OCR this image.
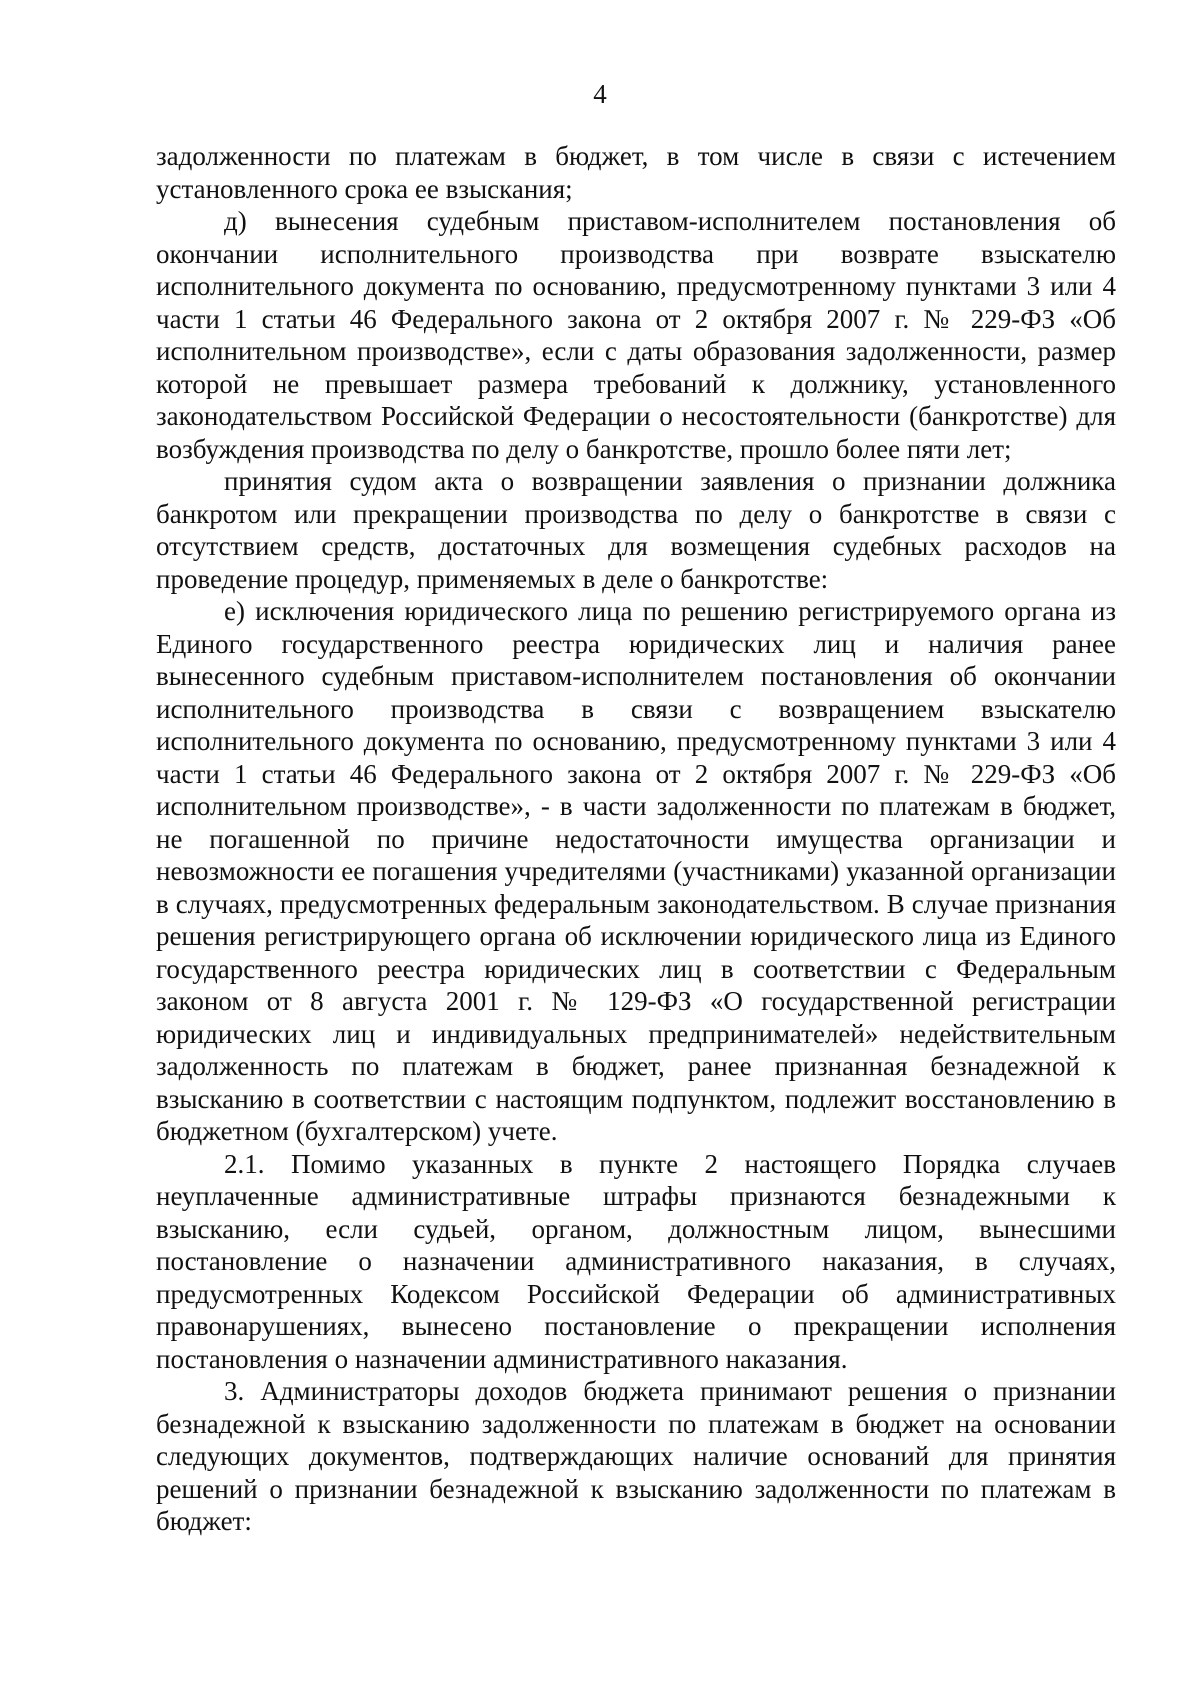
4

задолженности по платежам в бюджет, в том числе в связи с истечением установленного срока ее взыскания;

д) вынесения судебным приставом-исполнителем постановления об окончании исполнительного производства при возврате взыскателю исполнительного документа по основанию, предусмотренному пунктами 3 или 4 части 1 статьи 46 Федерального закона от 2 октября 2007 г. № 229-ФЗ «Об исполнительном производстве», если с даты образования задолженности, размер которой не превышает размера требований к должнику, установленного законодательством Российской Федерации о несостоятельности (банкротстве) для возбуждения производства по делу о банкротстве, прошло более пяти лет;

принятия судом акта о возвращении заявления о признании должника банкротом или прекращении производства по делу о банкротстве в связи с отсутствием средств, достаточных для возмещения судебных расходов на проведение процедур, применяемых в деле о банкротстве:

е) исключения юридического лица по решению регистрируемого органа из Единого государственного реестра юридических лиц и наличия ранее вынесенного судебным приставом-исполнителем постановления об окончании исполнительного производства в связи с возвращением взыскателю исполнительного документа по основанию, предусмотренному пунктами 3 или 4 части 1 статьи 46 Федерального закона от 2 октября 2007 г. № 229-ФЗ «Об исполнительном производстве», - в части задолженности по платежам в бюджет, не погашенной по причине недостаточности имущества организации и невозможности ее погашения учредителями (участниками) указанной организации в случаях, предусмотренных федеральным законодательством. В случае признания решения регистрирующего органа об исключении юридического лица из Единого государственного реестра юридических лиц в соответствии с Федеральным законом от 8 августа 2001 г. № 129-ФЗ «О государственной регистрации юридических лиц и индивидуальных предпринимателей» недействительным задолженность по платежам в бюджет, ранее признанная безнадежной к взысканию в соответствии с настоящим подпунктом, подлежит восстановлению в бюджетном (бухгалтерском) учете.

2.1. Помимо указанных в пункте 2 настоящего Порядка случаев неуплаченные административные штрафы признаются безнадежными к взысканию, если судьей, органом, должностным лицом, вынесшими постановление о назначении административного наказания, в случаях, предусмотренных Кодексом Российской Федерации об административных правонарушениях, вынесено постановление о прекращении исполнения постановления о назначении административного наказания.

3. Администраторы доходов бюджета принимают решения о признании безнадежной к взысканию задолженности по платежам в бюджет на основании следующих документов, подтверждающих наличие оснований для принятия решений о признании безнадежной к взысканию задолженности по платежам в бюджет:
